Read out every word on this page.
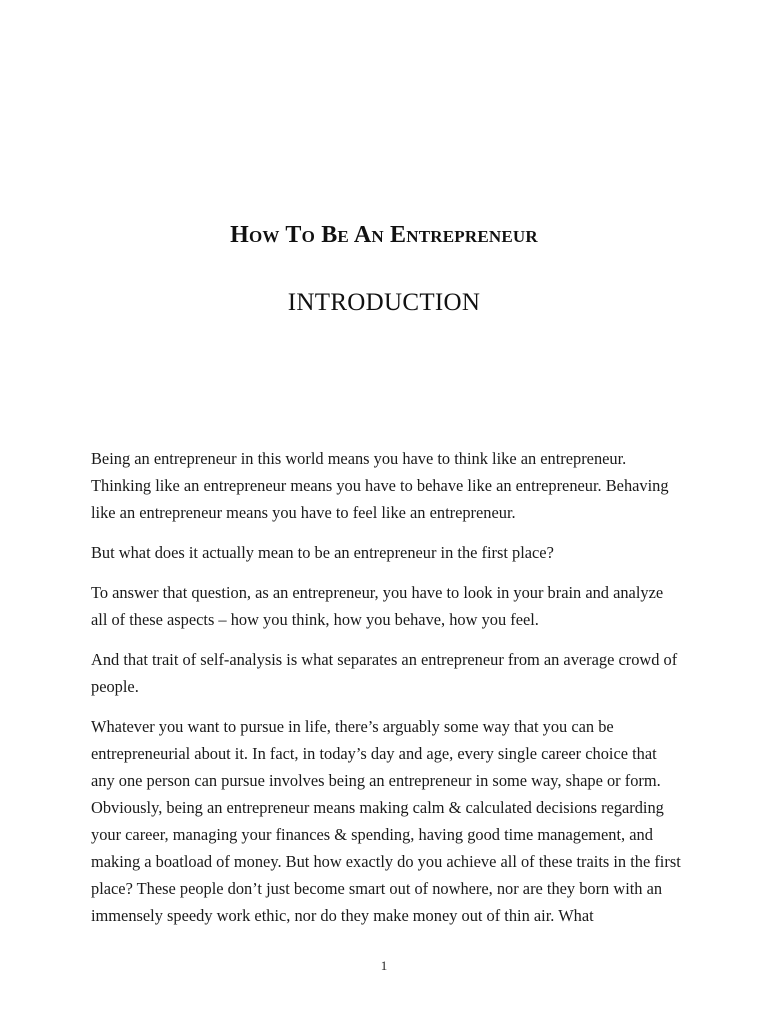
How To Be An Entrepreneur
INTRODUCTION

Being an entrepreneur in this world means you have to think like an entrepreneur. Thinking like an entrepreneur means you have to behave like an entrepreneur. Behaving like an entrepreneur means you have to feel like an entrepreneur.

But what does it actually mean to be an entrepreneur in the first place?

To answer that question, as an entrepreneur, you have to look in your brain and analyze all of these aspects – how you think, how you behave, how you feel.

And that trait of self-analysis is what separates an entrepreneur from an average crowd of people.

Whatever you want to pursue in life, there’s arguably some way that you can be entrepreneurial about it. In fact, in today’s day and age, every single career choice that any one person can pursue involves being an entrepreneur in some way, shape or form. Obviously, being an entrepreneur means making calm & calculated decisions regarding your career, managing your finances & spending, having good time management, and making a boatload of money. But how exactly do you achieve all of these traits in the first place? These people don’t just become smart out of nowhere, nor are they born with an immensely speedy work ethic, nor do they make money out of thin air. What

1
